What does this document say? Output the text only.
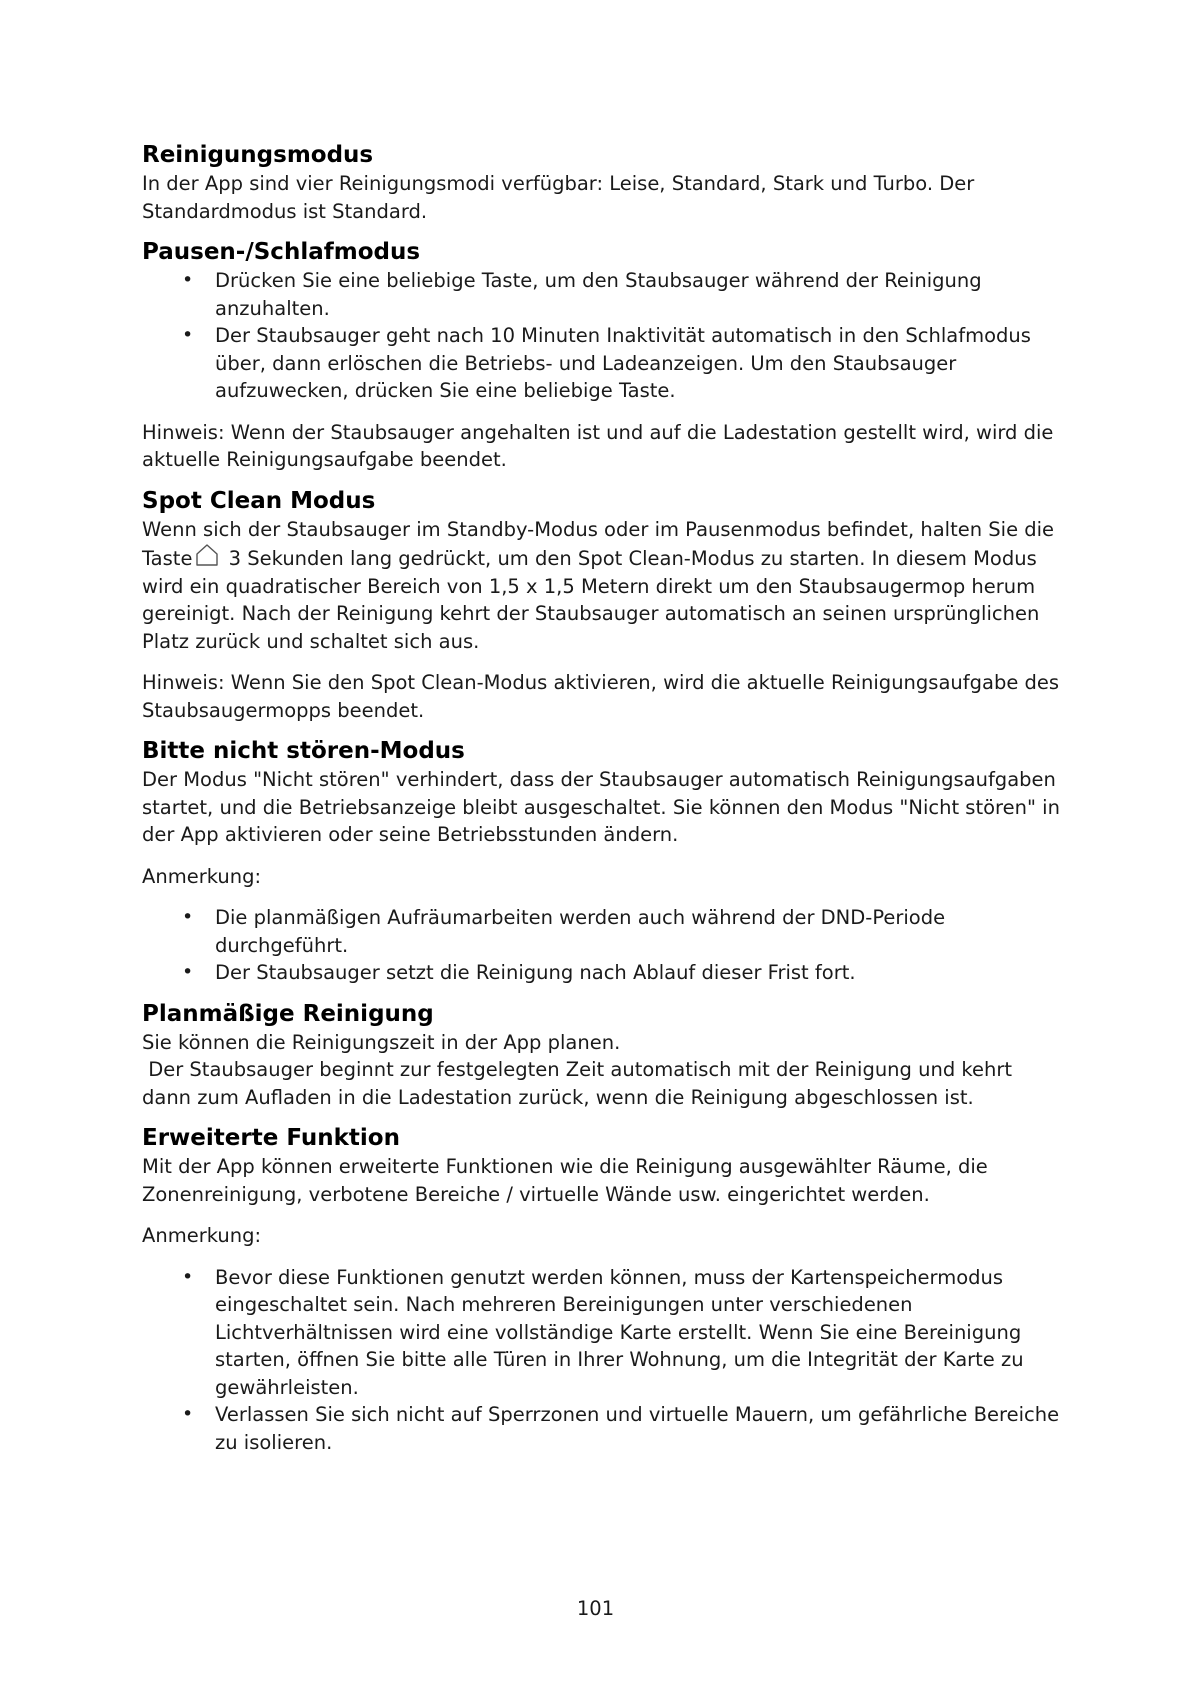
Reinigungsmodus

In der App sind vier Reinigungsmodi verfügbar: Leise, Standard, Stark und Turbo. Der Standardmodus ist Standard.

Pausen-/Schlafmodus
• Drücken Sie eine beliebige Taste, um den Staubsauger während der Reinigung anzuhalten.
• Der Staubsauger geht nach 10 Minuten Inaktivität automatisch in den Schlafmodus über, dann erlöschen die Betriebs- und Ladeanzeigen. Um den Staubsauger aufzuwecken, drücken Sie eine beliebige Taste.

Hinweis: Wenn der Staubsauger angehalten ist und auf die Ladestation gestellt wird, wird die aktuelle Reinigungsaufgabe beendet.

Spot Clean Modus

Wenn sich der Staubsauger im Standby-Modus oder im Pausenmodus befindet, halten Sie die Taste 3 Sekunden lang gedrückt, um den Spot Clean-Modus zu starten. In diesem Modus wird ein quadratischer Bereich von 1,5 x 1,5 Metern direkt um den Staubsaugermop herum gereinigt. Nach der Reinigung kehrt der Staubsauger automatisch an seinen ursprünglichen Platz zurück und schaltet sich aus.

Hinweis: Wenn Sie den Spot Clean-Modus aktivieren, wird die aktuelle Reinigungsaufgabe des Staubsaugermopps beendet.

Bitte nicht stören-Modus

Der Modus "Nicht stören" verhindert, dass der Staubsauger automatisch Reinigungsaufgaben startet, und die Betriebsanzeige bleibt ausgeschaltet. Sie können den Modus "Nicht stören" in der App aktivieren oder seine Betriebsstunden ändern.

Anmerkung:

• Die planmäßigen Aufräumarbeiten werden auch während der DND-Periode durchgeführt.
• Der Staubsauger setzt die Reinigung nach Ablauf dieser Frist fort.
Planmäßige Reinigung

Sie können die Reinigungszeit in der App planen.

Der Staubsauger beginnt zur festgelegten Zeit automatisch mit der Reinigung und kehrt dann zum Aufladen in die Ladestation zurück, wenn die Reinigung abgeschlossen ist.

Erweiterte Funktion

Mit der App können erweiterte Funktionen wie die Reinigung ausgewählter Räume, die Zonenreinigung, verbotene Bereiche / virtuelle Wände usw. eingerichtet werden.

Anmerkung:

• Bevor diese Funktionen genutzt werden können, muss der Kartenspeichermodus eingeschaltet sein. Nach mehreren Bereinigungen unter verschiedenen Lichtverhältnissen wird eine vollständige Karte erstellt. Wenn Sie eine Bereinigung starten, öffnen Sie bitte alle Türen in Ihrer Wohnung, um die Integrität der Karte zu gewährleisten.
• Verlassen Sie sich nicht auf Sperrzonen und virtuelle Mauern, um gefährliche Bereiche zu isolieren.
101
